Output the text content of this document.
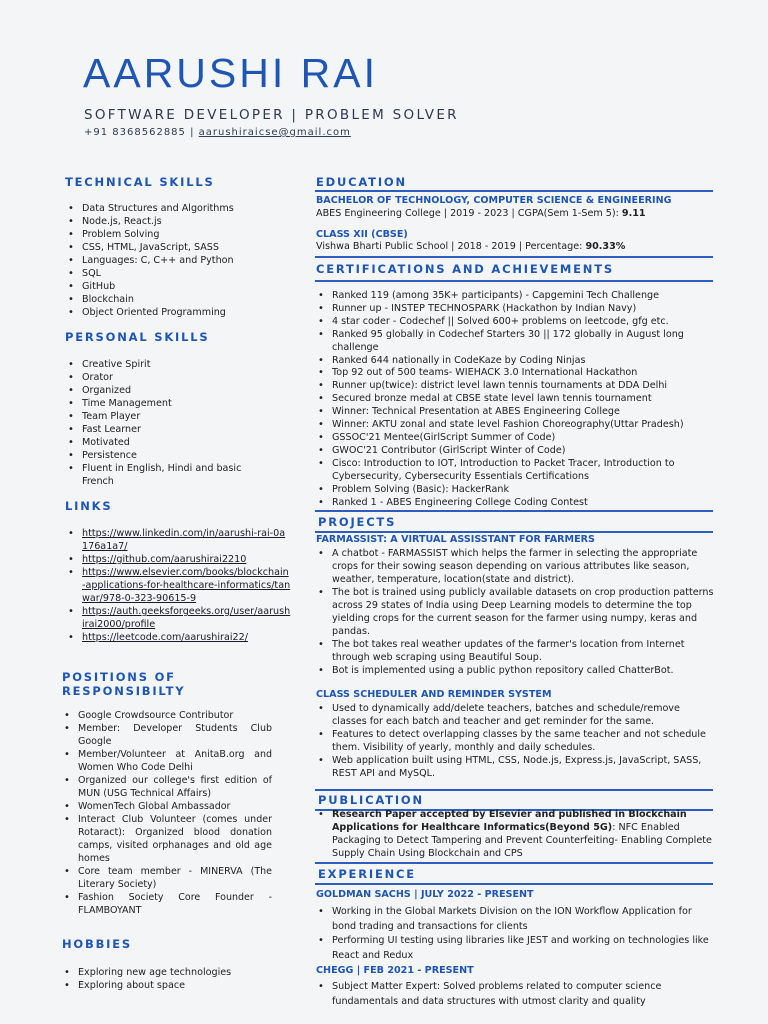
AARUSHI RAI
SOFTWARE DEVELOPER | PROBLEM SOLVER
+91 8368562885 | aarushiraicse@gmail.com
TECHNICAL SKILLS
• Data Structures and Algorithms
• Node.js, React.js
• Problem Solving
• CSS, HTML, JavaScript, SASS
• Languages: C, C++ and Python
• SQL
• GitHub
• Blockchain
• Object Oriented Programming
PERSONAL SKILLS
• Creative Spirit
• Orator
• Organized
• Time Management
• Team Player
• Fast Learner
• Motivated
• Persistence
• Fluent in English, Hindi and basic French
LINKS
• https://www.linkedin.com/in/aarushi-rai-0a176a1a7/
• https://github.com/aarushirai2210
• https://www.elsevier.com/books/blockchain-applications-for-healthcare-informatics/tanwar/978-0-323-90615-9
• https://auth.geeksforgeeks.org/user/aarushirai2000/profile
• https://leetcode.com/aarushirai22/
POSITIONS OF
RESPONSIBILTY
• Google Crowdsource Contributor
• Member: Developer Students Club Google
• Member/Volunteer at AnitaB.org and Women Who Code Delhi
• Organized our college's first edition of MUN (USG Technical Affairs)
• WomenTech Global Ambassador
• Interact Club Volunteer (comes under Rotaract): Organized blood donation camps, visited orphanages and old age homes
• Core team member - MINERVA (The Literary Society)
• Fashion Society Core Founder - FLAMBOYANT
HOBBIES
• Exploring new age technologies
• Exploring about space
EDUCATION
BACHELOR OF TECHNOLOGY, COMPUTER SCIENCE & ENGINEERING
ABES Engineering College | 2019 - 2023 | CGPA(Sem 1-Sem 5): 9.11
CLASS XII (CBSE)
Vishwa Bharti Public School | 2018 - 2019 | Percentage: 90.33%
CERTIFICATIONS AND ACHIEVEMENTS
• Ranked 119 (among 35K+ participants) - Capgemini Tech Challenge
• Runner up - INSTEP TECHNOSPARK (Hackathon by Indian Navy)
• 4 star coder - Codechef || Solved 600+ problems on leetcode, gfg etc.
• Ranked 95 globally in Codechef Starters 30 || 172 globally in August long challenge
• Ranked 644 nationally in CodeKaze by Coding Ninjas
• Top 92 out of 500 teams- WIEHACK 3.0 International Hackathon
• Runner up(twice): district level lawn tennis tournaments at DDA Delhi
• Secured bronze medal at CBSE state level lawn tennis tournament
• Winner: Technical Presentation at ABES Engineering College
• Winner: AKTU zonal and state level Fashion Choreography(Uttar Pradesh)
• GSSOC'21 Mentee(GirlScript Summer of Code)
• GWOC'21 Contributor (GirlScript Winter of Code)
• Cisco: Introduction to IOT, Introduction to Packet Tracer, Introduction to Cybersecurity, Cybersecurity Essentials Certifications
• Problem Solving (Basic): HackerRank
• Ranked 1 - ABES Engineering College Coding Contest
PROJECTS
FARMASSIST: A VIRTUAL ASSISSTANT FOR FARMERS
• A chatbot - FARMASSIST which helps the farmer in selecting the appropriate crops for their sowing season depending on various attributes like season, weather, temperature, location(state and district).
• The bot is trained using publicly available datasets on crop production patterns across 29 states of India using Deep Learning models to determine the top yielding crops for the current season for the farmer using numpy, keras and pandas.
• The bot takes real weather updates of the farmer's location from Internet through web scraping using Beautiful Soup.
• Bot is implemented using a public python repository called ChatterBot.
CLASS SCHEDULER AND REMINDER SYSTEM
• Used to dynamically add/delete teachers, batches and schedule/remove classes for each batch and teacher and get reminder for the same.
• Features to detect overlapping classes by the same teacher and not schedule them. Visibility of yearly, monthly and daily schedules.
• Web application built using HTML, CSS, Node.js, Express.js, JavaScript, SASS, REST API and MySQL.
PUBLICATION
• Research Paper accepted by Elsevier and published in Blockchain Applications for Healthcare Informatics(Beyond 5G): NFC Enabled Packaging to Detect Tampering and Prevent Counterfeiting- Enabling Complete Supply Chain Using Blockchain and CPS
EXPERIENCE
GOLDMAN SACHS | JULY 2022 - PRESENT
• Working in the Global Markets Division on the ION Workflow Application for bond trading and transactions for clients
• Performing UI testing using libraries like JEST and working on technologies like React and Redux
CHEGG | FEB 2021 - PRESENT
• Subject Matter Expert: Solved problems related to computer science fundamentals and data structures with utmost clarity and quality
